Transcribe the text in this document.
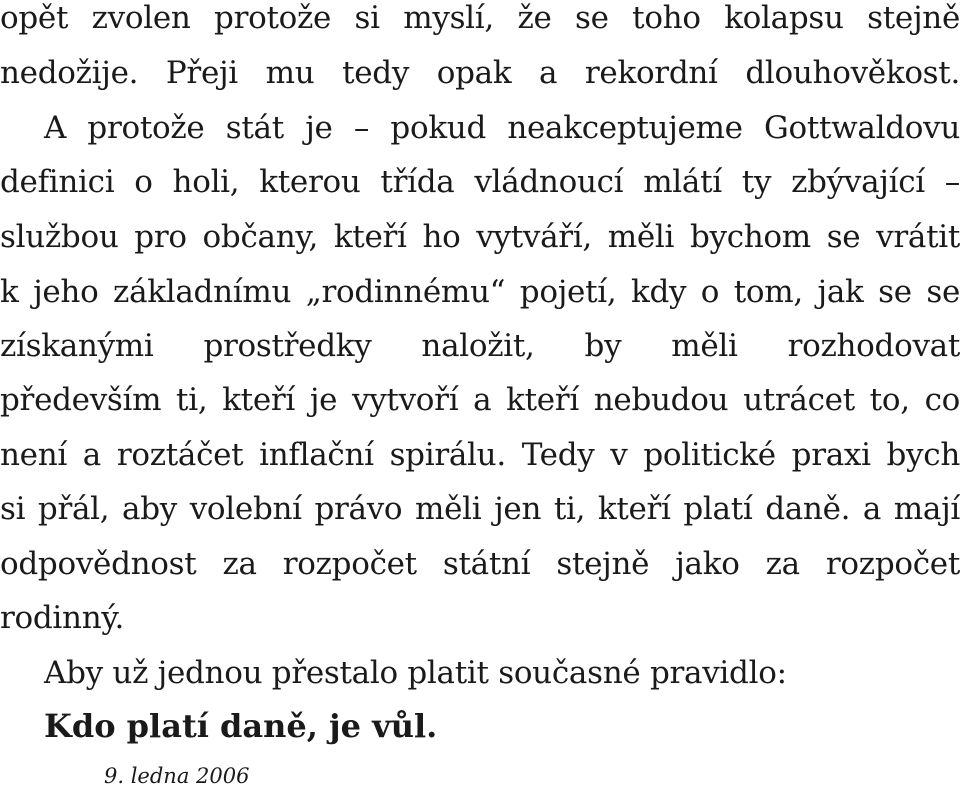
opět zvolen protože si myslí, že se toho kolapsu stejně
nedožije. Přeji mu tedy opak a rekordní dlouhověkost.
A protože stát je – pokud neakceptujeme Gottwaldovu
definici o holi, kterou třída vládnoucí mlátí ty zbývající –
službou pro občany, kteří ho vytváří, měli bychom se vrátit
k jeho základnímu „rodinnému“ pojetí, kdy o tom, jak se se
získanými prostředky naložit, by měli rozhodovat
především ti, kteří je vytvoří a kteří nebudou utrácet to, co
není a roztáčet inflační spirálu. Tedy v politické praxi bych
si přál, aby volební právo měli jen ti, kteří platí daně. a mají
odpovědnost za rozpočet státní stejně jako za rozpočet
rodinný.
Aby už jednou přestalo platit současné pravidlo:
Kdo platí daně, je vůl.
9. ledna 2006
